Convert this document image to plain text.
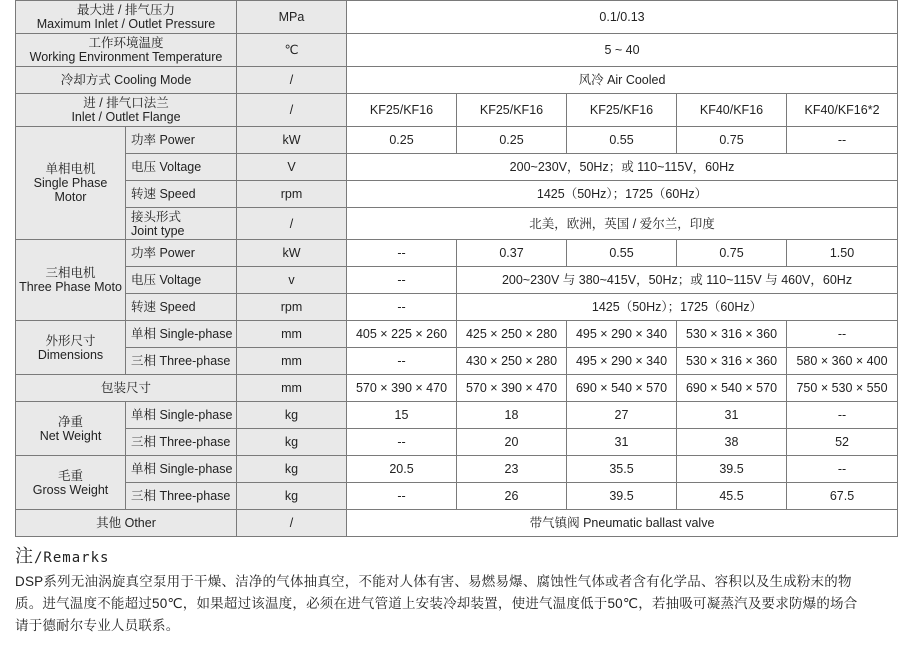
最大进 / 排气压力
Maximum Inlet / Outlet Pressure		MPa	0.1/0.13				
工作环境温度
Working Environment Temperature		℃	5 ~ 40				
冷却方式 Cooling Mode		/	风冷 Air Cooled				
进 / 排气口法兰
Inlet / Outlet Flange		/	KF25/KF16	KF25/KF16	KF25/KF16	KF40/KF16	KF40/KF16*2
单相电机
Single Phase
Motor	功率 Power	kW	0.25	0.25	0.55	0.75	--
	电压 Voltage	V	200~230V，50Hz；或 110~115V，60Hz				
	转速 Speed	rpm	1425（50Hz）；1725（60Hz）				
	接头形式
Joint type	/	北美，欧洲，英国 / 爱尔兰，印度				
三相电机
Three Phase Moto	功率 Power	kW	--	0.37	0.55	0.75	1.50
	电压 Voltage	v	--	200~230V 与 380~415V，50Hz；或 110~115V 与 460V，60Hz			
	转速 Speed	rpm	--	1425（50Hz）；1725（60Hz）			
外形尺寸
Dimensions	单相 Single-phase	mm	405 × 225 × 260	425 × 250 × 280	495 × 290 × 340	530 × 316 × 360	--
	三相 Three-phase	mm	--	430 × 250 × 280	495 × 290 × 340	530 × 316 × 360	580 × 360 × 400
包装尺寸		mm	570 × 390 × 470	570 × 390 × 470	690 × 540 × 570	690 × 540 × 570	750 × 530 × 550
净重
Net Weight	单相 Single-phase	kg	15	18	27	31	--
	三相 Three-phase	kg	--	20	31	38	52
毛重
Gross Weight	单相 Single-phase	kg	20.5	23	35.5	39.5	--
	三相 Three-phase	kg	--	26	39.5	45.5	67.5
其他 Other		/	带气镇阀 Pneumatic ballast valve				
注/Remarks
DSP系列无油涡旋真空泵用于干燥、洁净的气体抽真空，不能对人体有害、易燃易爆、腐蚀性气体或者含有化学品、容积以及生成粉末的物
质。进气温度不能超过50℃，如果超过该温度，必须在进气管道上安装冷却装置，使进气温度低于50℃，若抽吸可凝蒸汽及要求防爆的场合
请于德耐尔专业人员联系。
